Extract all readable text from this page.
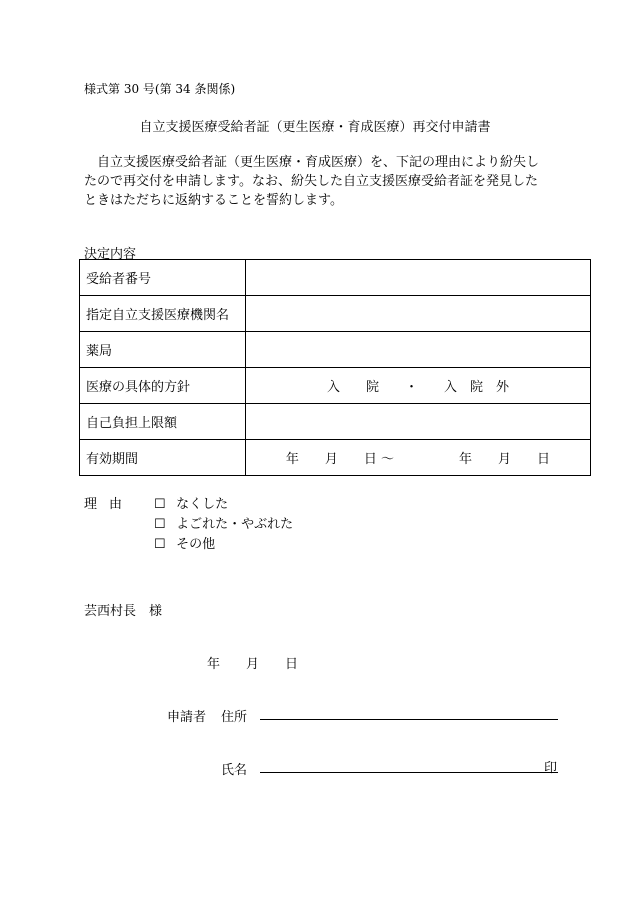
様式第 30 号(第 34 条関係)
自立支援医療受給者証（更生医療・育成医療）再交付申請書

自立支援医療受給者証（更生医療・育成医療）を、下記の理由により紛失し

たので再交付を申請します。なお、紛失した自立支援医療受給者証を発見した

ときはただちに返納することを誓約します。

決定内容
受給者番号	
指定自立支援医療機関名	
薬局	
医療の具体的方針	入　　院　　・　　入　院　外
自己負担上限額	
有効期間	年　　月　　日 〜　　　　　年　　月　　日
理由 ☐ なくした
☐ よごれた・やぶれた
☐ その他
芸西村長　様
年　　月　　日
申請者 住所
氏名	印
